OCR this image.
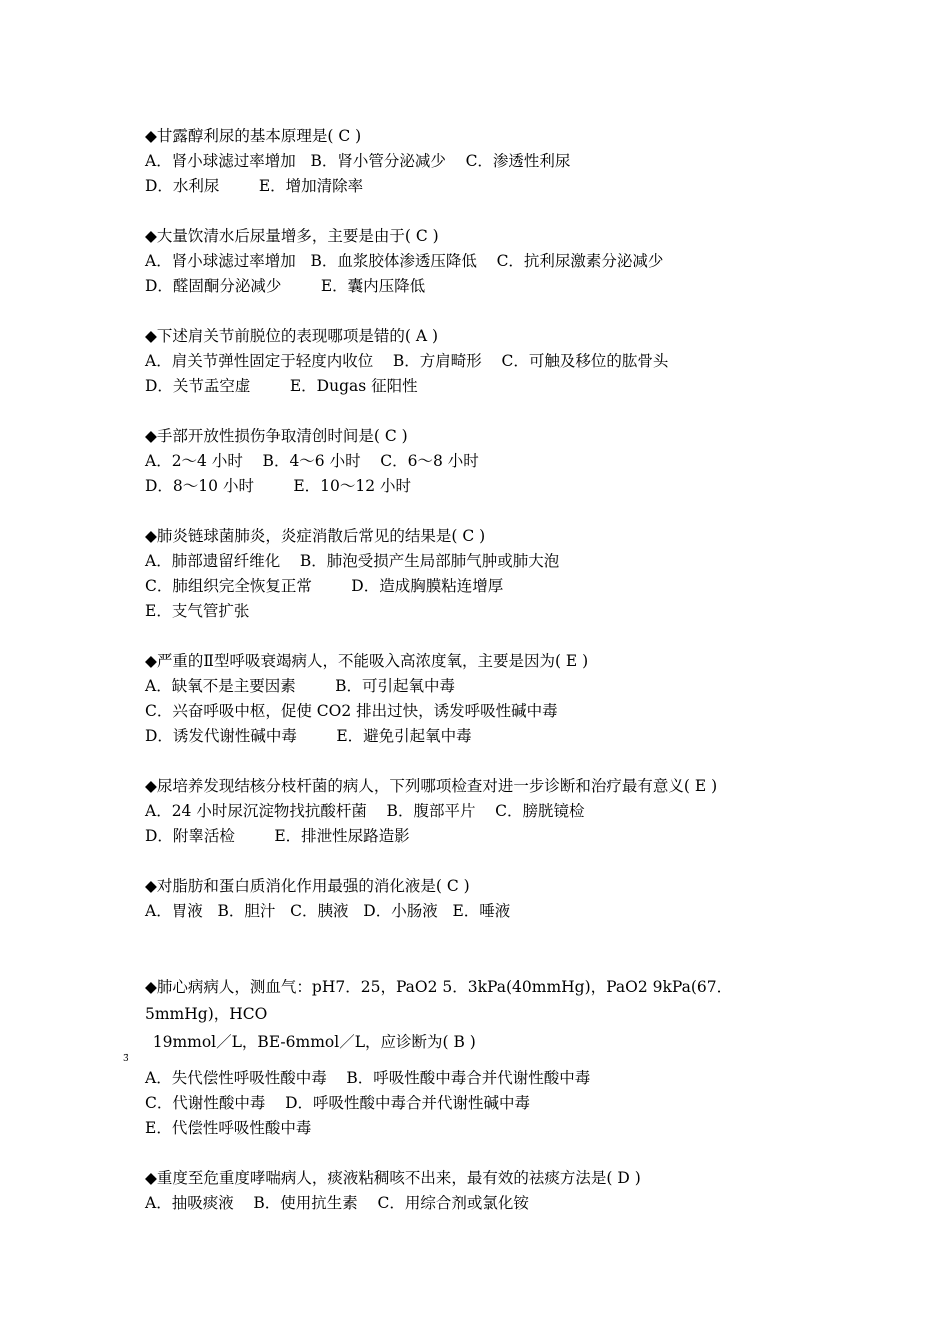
◆甘露醇利尿的基本原理是( C )
A．肾小球滤过率增加   B．肾小管分泌减少    C．渗透性利尿
D．水利尿        E．增加清除率
◆大量饮清水后尿量增多，主要是由于( C )
A．肾小球滤过率增加   B．血浆胶体渗透压降低    C．抗利尿激素分泌减少
D．醛固酮分泌减少        E．囊内压降低
◆下述肩关节前脱位的表现哪项是错的( A )
A．肩关节弹性固定于轻度内收位    B．方肩畸形    C．可触及移位的肱骨头
D．关节盂空虚        E．Dugas 征阳性
◆手部开放性损伤争取清创时间是( C )
A．2～4 小时    B．4～6 小时    C．6～8 小时
D．8～10 小时        E．10～12 小时
◆肺炎链球菌肺炎，炎症消散后常见的结果是( C )
A．肺部遗留纤维化    B．肺泡受损产生局部肺气肿或肺大泡
C．肺组织完全恢复正常        D．造成胸膜粘连增厚
E．支气管扩张
◆严重的Ⅱ型呼吸衰竭病人，不能吸入高浓度氧，主要是因为( E )
A．缺氧不是主要因素        B．可引起氧中毒
C．兴奋呼吸中枢，促使 CO2 排出过快，诱发呼吸性碱中毒
D．诱发代谢性碱中毒        E．避免引起氧中毒
◆尿培养发现结核分枝杆菌的病人，下列哪项检查对进一步诊断和治疗最有意义( E )
A．24 小时尿沉淀物找抗酸杆菌    B．腹部平片    C．膀胱镜检
D．附睾活检        E．排泄性尿路造影
◆对脂肪和蛋白质消化作用最强的消化液是( C )
A．胃液   B．胆汁   C．胰液   D．小肠液   E．唾液
◆肺心病病人，测血气：pH7．25，PaO2 5．3kPa(40mmHg)，PaO2 9kPa(67．5mmHg)，HCO
$_{3̄}$19mmol／L，BE-6mmol／L，应诊断为( B )
A．失代偿性呼吸性酸中毒    B．呼吸性酸中毒合并代谢性酸中毒
C．代谢性酸中毒    D．呼吸性酸中毒合并代谢性碱中毒
E．代偿性呼吸性酸中毒
◆重度至危重度哮喘病人，痰液粘稠咳不出来，最有效的祛痰方法是( D )
A．抽吸痰液    B．使用抗生素    C．用综合剂或氯化铵
